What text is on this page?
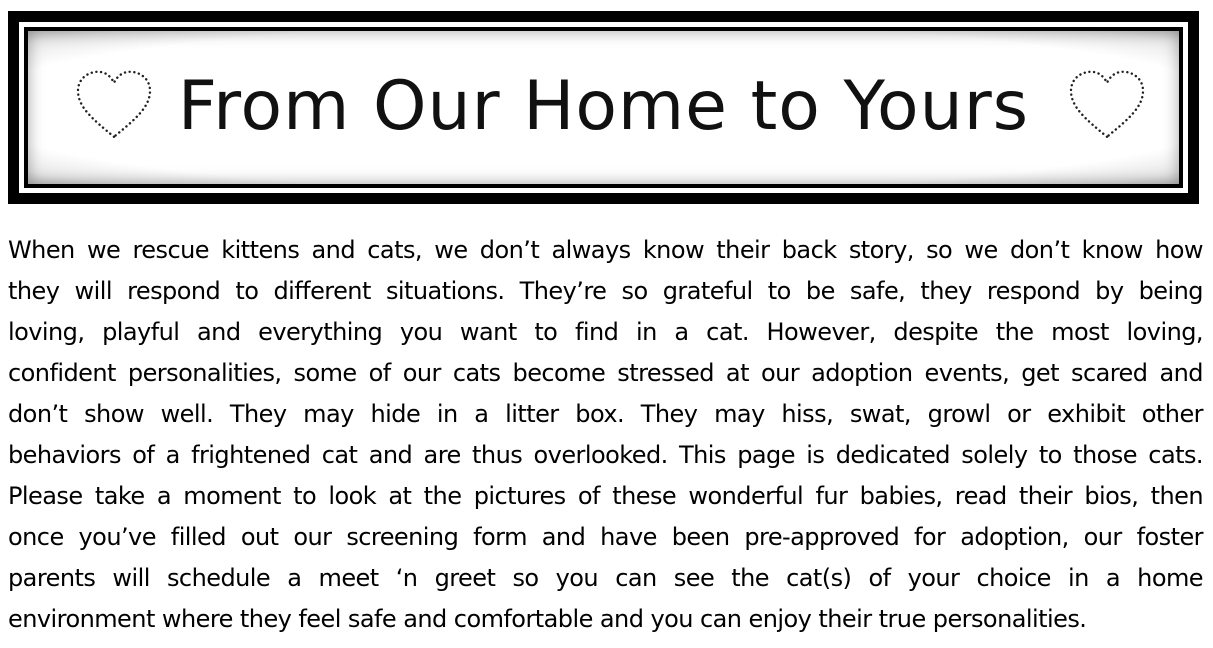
From Our Home to Yours
When we rescue kittens and cats, we don’t always know their back story, so we don’t know how
they will respond to different situations. They’re so grateful to be safe, they respond by being
loving, playful and everything you want to find in a cat. However, despite the most loving,
confident personalities, some of our cats become stressed at our adoption events, get scared and
don’t show well. They may hide in a litter box. They may hiss, swat, growl or exhibit other
behaviors of a frightened cat and are thus overlooked. This page is dedicated solely to those cats.
Please take a moment to look at the pictures of these wonderful fur babies, read their bios, then
once you’ve filled out our screening form and have been pre-approved for adoption, our foster
parents will schedule a meet ‘n greet so you can see the cat(s) of your choice in a home
environment where they feel safe and comfortable and you can enjoy their true personalities.
